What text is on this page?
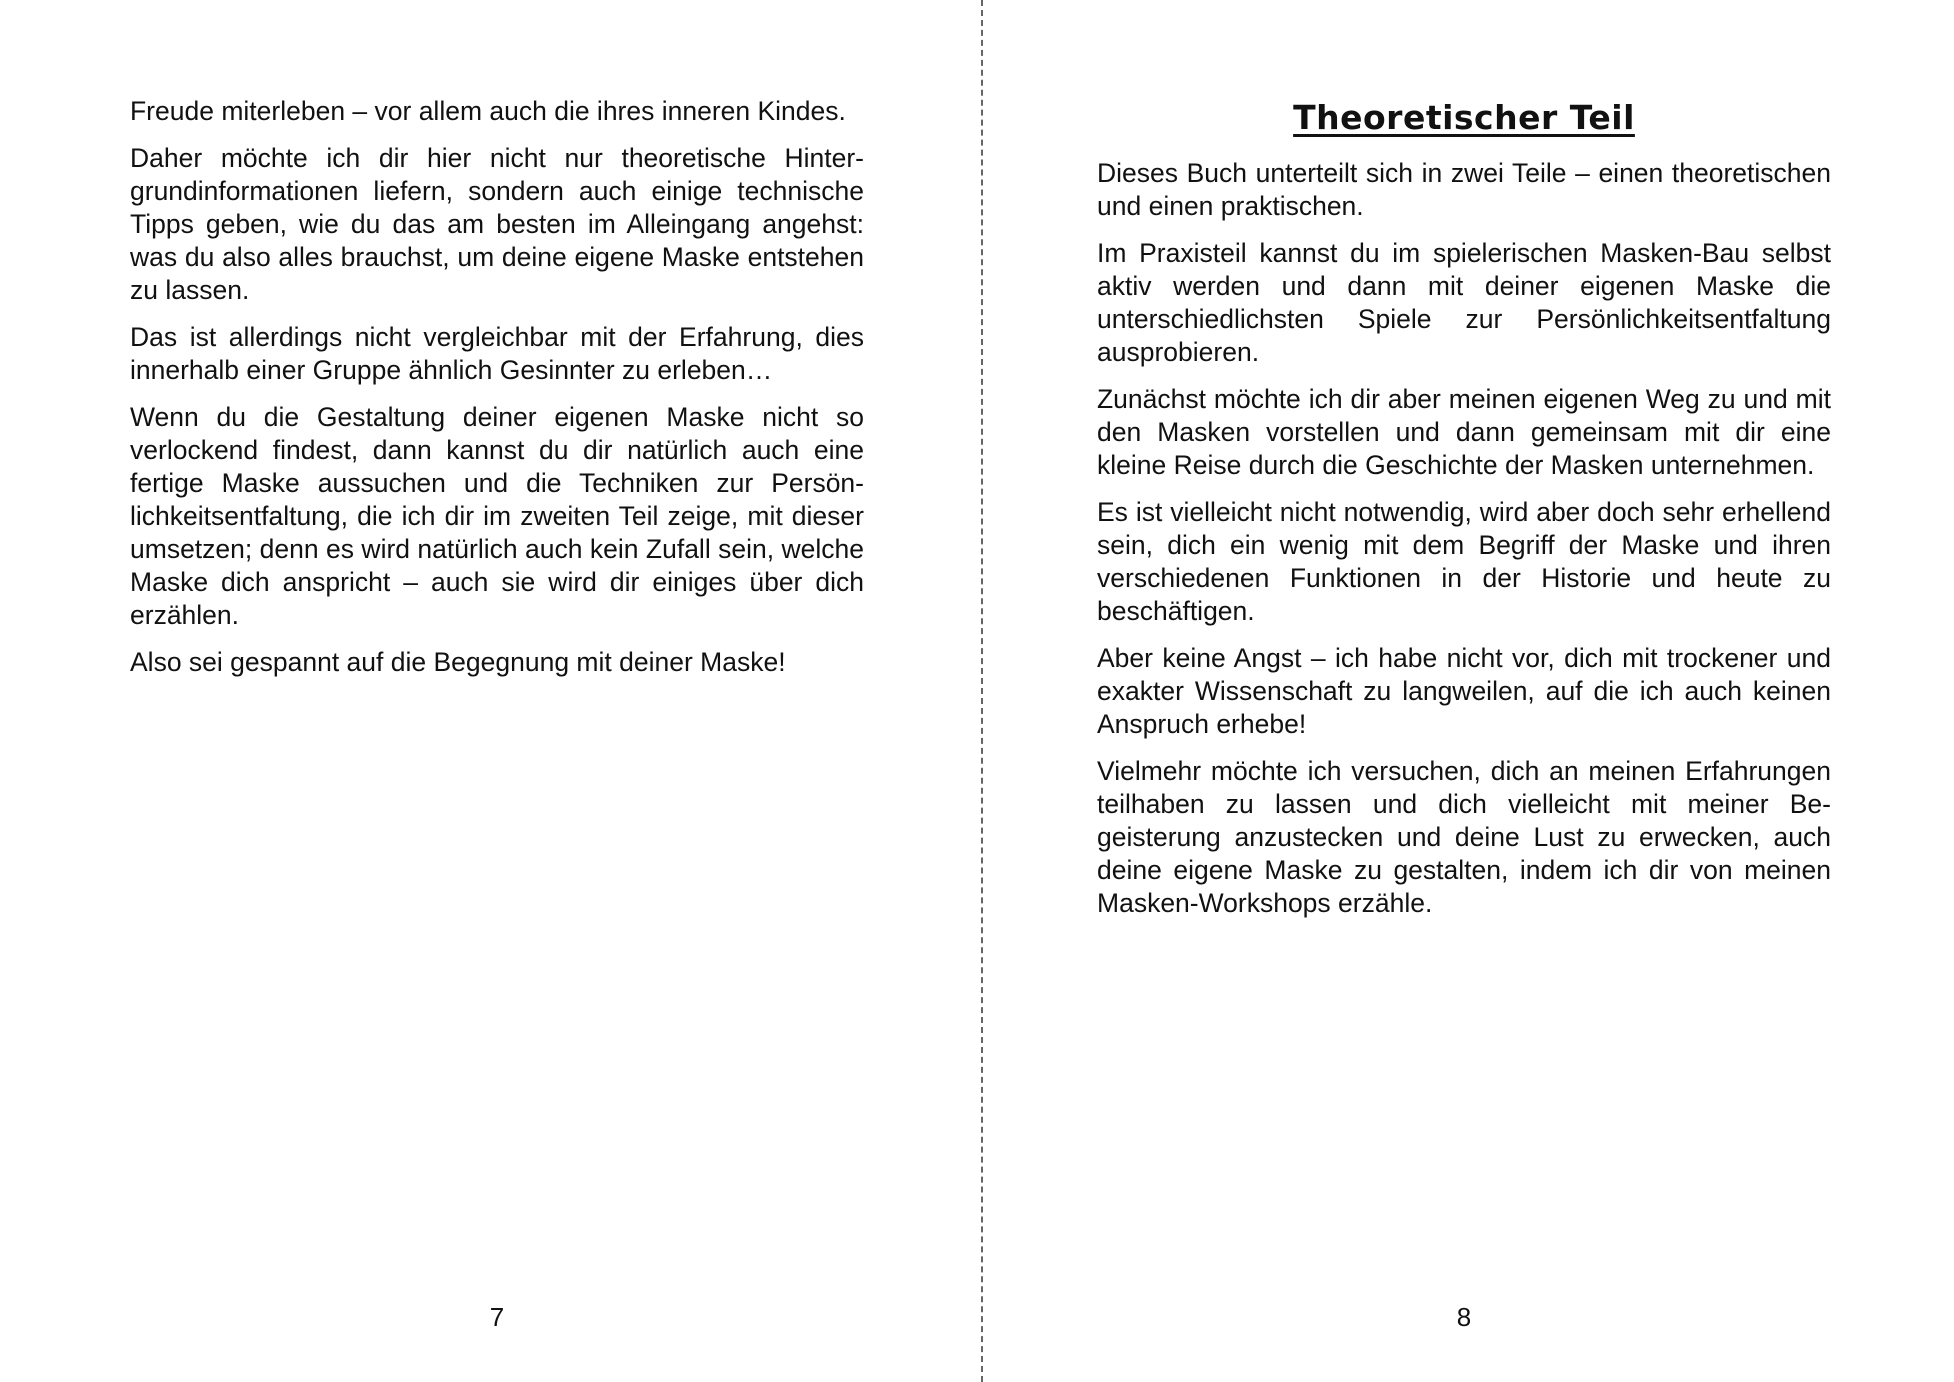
Freude miterleben – vor allem auch die ihres inneren Kindes.

Daher möchte ich dir hier nicht nur theoretische Hintergrundinformationen liefern, sondern auch einige technische Tipps geben, wie du das am besten im Alleingang angehst: was du also alles brauchst, um deine eigene Maske entstehen zu lassen.

Das ist allerdings nicht vergleichbar mit der Erfahrung, dies innerhalb einer Gruppe ähnlich Gesinnter zu erleben…

Wenn du die Gestaltung deiner eigenen Maske nicht so verlockend findest, dann kannst du dir natürlich auch eine fertige Maske aussuchen und die Techniken zur Persönlichkeitsentfaltung, die ich dir im zweiten Teil zeige, mit dieser umsetzen; denn es wird natürlich auch kein Zufall sein, welche Maske dich anspricht – auch sie wird dir einiges über dich erzählen.

Also sei gespannt auf die Begegnung mit deiner Maske!

7
Theoretischer Teil

Dieses Buch unterteilt sich in zwei Teile – einen theoretischen und einen praktischen.

Im Praxisteil kannst du im spielerischen Masken-Bau selbst aktiv werden und dann mit deiner eigenen Maske die unterschiedlichsten Spiele zur Persönlichkeitsentfaltung ausprobieren.

Zunächst möchte ich dir aber meinen eigenen Weg zu und mit den Masken vorstellen und dann gemeinsam mit dir eine kleine Reise durch die Geschichte der Masken unternehmen.

Es ist vielleicht nicht notwendig, wird aber doch sehr erhellend sein, dich ein wenig mit dem Begriff der Maske und ihren verschiedenen Funktionen in der Historie und heute zu beschäftigen.

Aber keine Angst – ich habe nicht vor, dich mit trockener und exakter Wissenschaft zu langweilen, auf die ich auch keinen Anspruch erhebe!

Vielmehr möchte ich versuchen, dich an meinen Erfahrungen teilhaben zu lassen und dich vielleicht mit meiner Begeisterung anzustecken und deine Lust zu erwecken, auch deine eigene Maske zu gestalten, indem ich dir von meinen Masken-Workshops erzähle.

8
